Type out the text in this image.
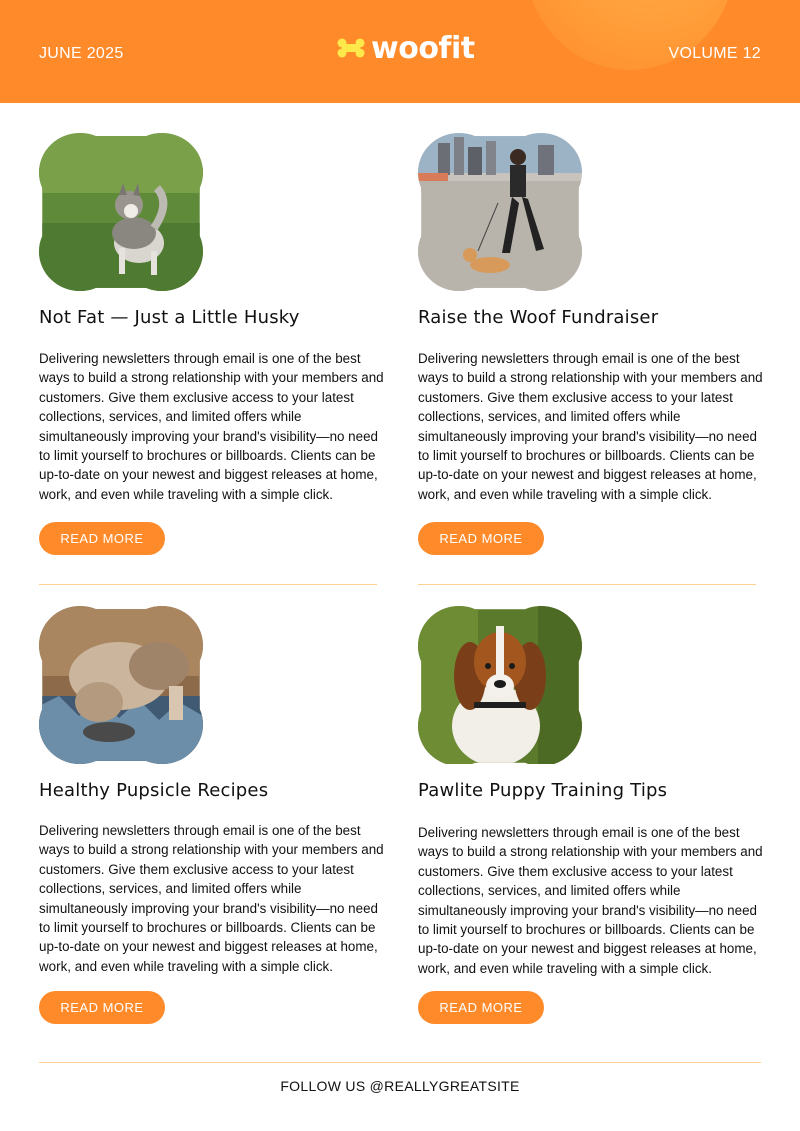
JUNE 2025	woofit	VOLUME 12
Not Fat — Just a Little Husky
Delivering newsletters through email is one of the best ways to build a strong relationship with your members and customers. Give them exclusive access to your latest collections, services, and limited offers while simultaneously improving your brand's visibility—no need to limit yourself to brochures or billboards. Clients can be up-to-date on your newest and biggest releases at home, work, and even while traveling with a simple click.
READ MORE
Raise the Woof Fundraiser
Delivering newsletters through email is one of the best ways to build a strong relationship with your members and customers. Give them exclusive access to your latest collections, services, and limited offers while simultaneously improving your brand's visibility—no need to limit yourself to brochures or billboards. Clients can be up-to-date on your newest and biggest releases at home, work, and even while traveling with a simple click.
READ MORE
Healthy Pupsicle Recipes
Delivering newsletters through email is one of the best ways to build a strong relationship with your members and customers. Give them exclusive access to your latest collections, services, and limited offers while simultaneously improving your brand's visibility—no need to limit yourself to brochures or billboards. Clients can be up-to-date on your newest and biggest releases at home, work, and even while traveling with a simple click.
READ MORE
Pawlite Puppy Training Tips
Delivering newsletters through email is one of the best ways to build a strong relationship with your members and customers. Give them exclusive access to your latest collections, services, and limited offers while simultaneously improving your brand's visibility—no need to limit yourself to brochures or billboards. Clients can be up-to-date on your newest and biggest releases at home, work, and even while traveling with a simple click.
READ MORE
FOLLOW US @REALLYGREATSITE
